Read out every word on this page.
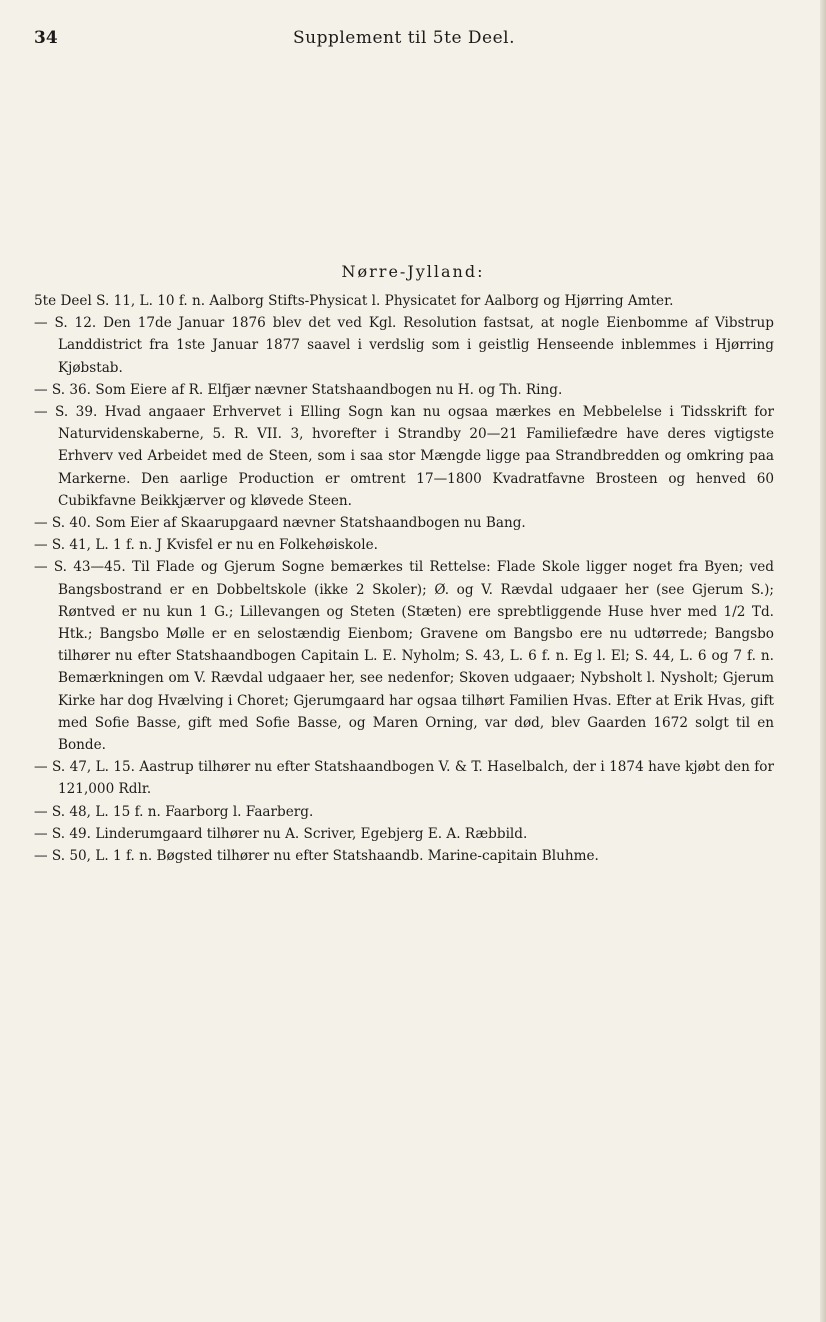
34	Supplement til 5te Deel.
Nørre-Jylland:

5te Deel S. 11, L. 10 f. n. Aalborg Stifts-Physicat l. Physicatet for Aalborg og Hjørring Amter.

— S. 12. Den 17de Januar 1876 blev det ved Kgl. Resolution fastsat, at nogle Eienbomme af Vibstrup Landdistrict fra 1ste Januar 1877 saavel i verdslig som i geistlig Henseende inblemmes i Hjørring Kjøbstab.

— S. 36. Som Eiere af R. Elfjær nævner Statshaandbogen nu H. og Th. Ring.

— S. 39. Hvad angaaer Erhvervet i Elling Sogn kan nu ogsaa mærkes en Mebbelelse i Tidsskrift for Naturvidenskaberne, 5. R. VII. 3, hvorefter i Strandby 20—21 Familiefædre have deres vigtigste Erhverv ved Arbeidet med de Steen, som i saa stor Mængde ligge paa Strandbredden og omkring paa Markerne. Den aarlige Production er omtrent 17—1800 Kvadratfavne Brosteen og henved 60 Cubikfavne Beikkjærver og kløvede Steen.

— S. 40. Som Eier af Skaarupgaard nævner Statshaandbogen nu Bang.

— S. 41, L. 1 f. n. J Kvisfel er nu en Folkehøiskole.

— S. 43—45. Til Flade og Gjerum Sogne bemærkes til Rettelse: Flade Skole ligger noget fra Byen; ved Bangsbostrand er en Dobbeltskole (ikke 2 Skoler); Ø. og V. Rævdal udgaaer her (see Gjerum S.); Røntved er nu kun 1 G.; Lillevangen og Steten (Stæten) ere sprebtliggende Huse hver med 1/2 Td. Htk.; Bangsbo Mølle er en selostændig Eienbom; Gravene om Bangsbo ere nu udtørrede; Bangsbo tilhører nu efter Statshaandbogen Capitain L. E. Nyholm; S. 43, L. 6 f. n. Eg l. El; S. 44, L. 6 og 7 f. n. Bemærkningen om V. Rævdal udgaaer her, see nedenfor; Skoven udgaaer; Nybsholt l. Nysholt; Gjerum Kirke har dog Hvælving i Choret; Gjerumgaard har ogsaa tilhørt Familien Hvas. Efter at Erik Hvas, gift med Sofie Basse, gift med Sofie Basse, og Maren Orning, var død, blev Gaarden 1672 solgt til en Bonde.

— S. 47, L. 15. Aastrup tilhører nu efter Statshaandbogen V. & T. Haselbalch, der i 1874 have kjøbt den for 121,000 Rdlr.

— S. 48, L. 15 f. n. Faarborg l. Faarberg.

— S. 49. Linderumgaard tilhører nu A. Scriver, Egebjerg E. A. Ræbbild.

— S. 50, L. 1 f. n. Bøgsted tilhører nu efter Statshaandb. Marine-capitain Bluhme.
